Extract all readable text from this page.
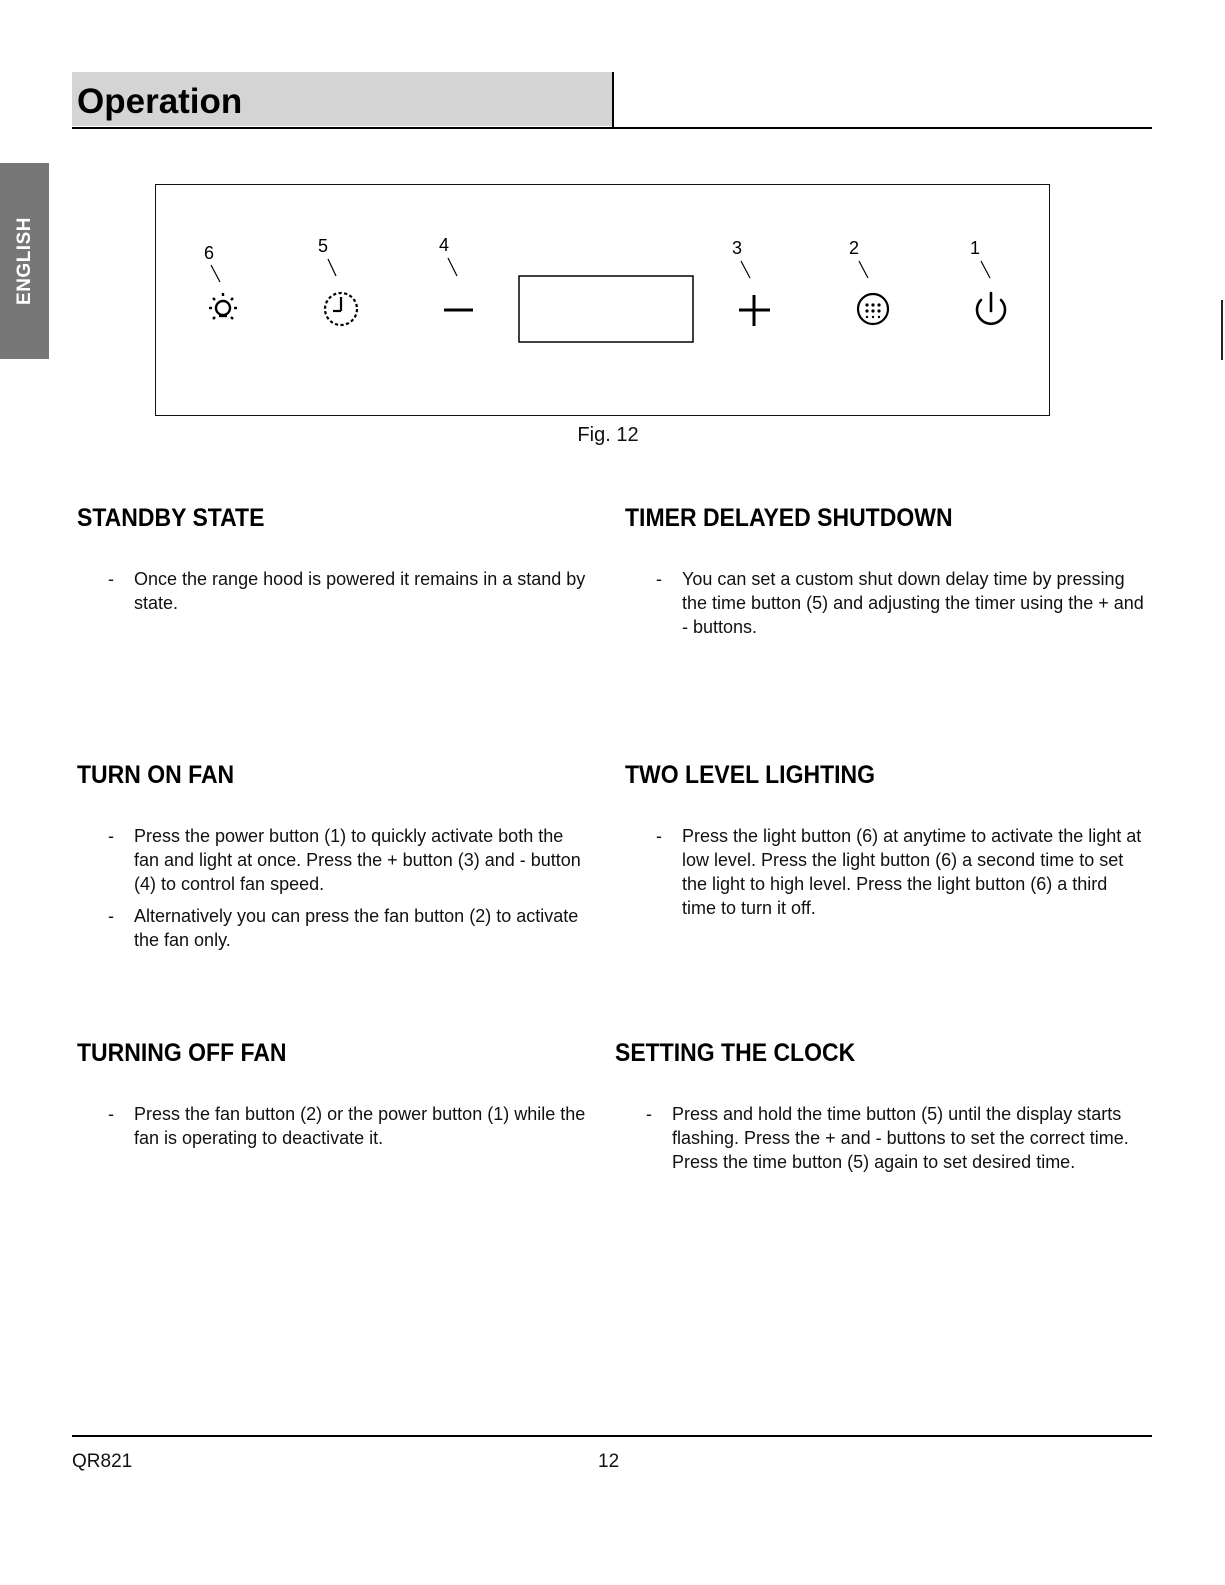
Operation
ENGLISH	6	5	4	3	2	1
Fig. 12
STANDBY STATE
- Once the range hood is powered it remains in a stand by state.
TIMER DELAYED SHUTDOWN
- You can set a custom shut down delay time by pressing the time button (5) and adjusting the timer using the + and - buttons.
TURN ON FAN
- Press the power button (1) to quickly activate both the fan and light at once. Press the + button (3) and - button (4) to control fan speed.
- Alternatively you can press the fan button (2) to activate the fan only.
TWO LEVEL LIGHTING
- Press the light button (6) at anytime to activate the light at low level. Press the light button (6) a second time to set the light to high level. Press the light button (6) a third time to turn it off.
TURNING OFF FAN
- Press the fan button (2) or the power button (1) while the fan is operating to deactivate it.
SETTING THE CLOCK
- Press and hold the time button (5) until the display starts flashing. Press the + and - buttons to set the correct time. Press the time button (5) again to set desired time.
QR821	12
